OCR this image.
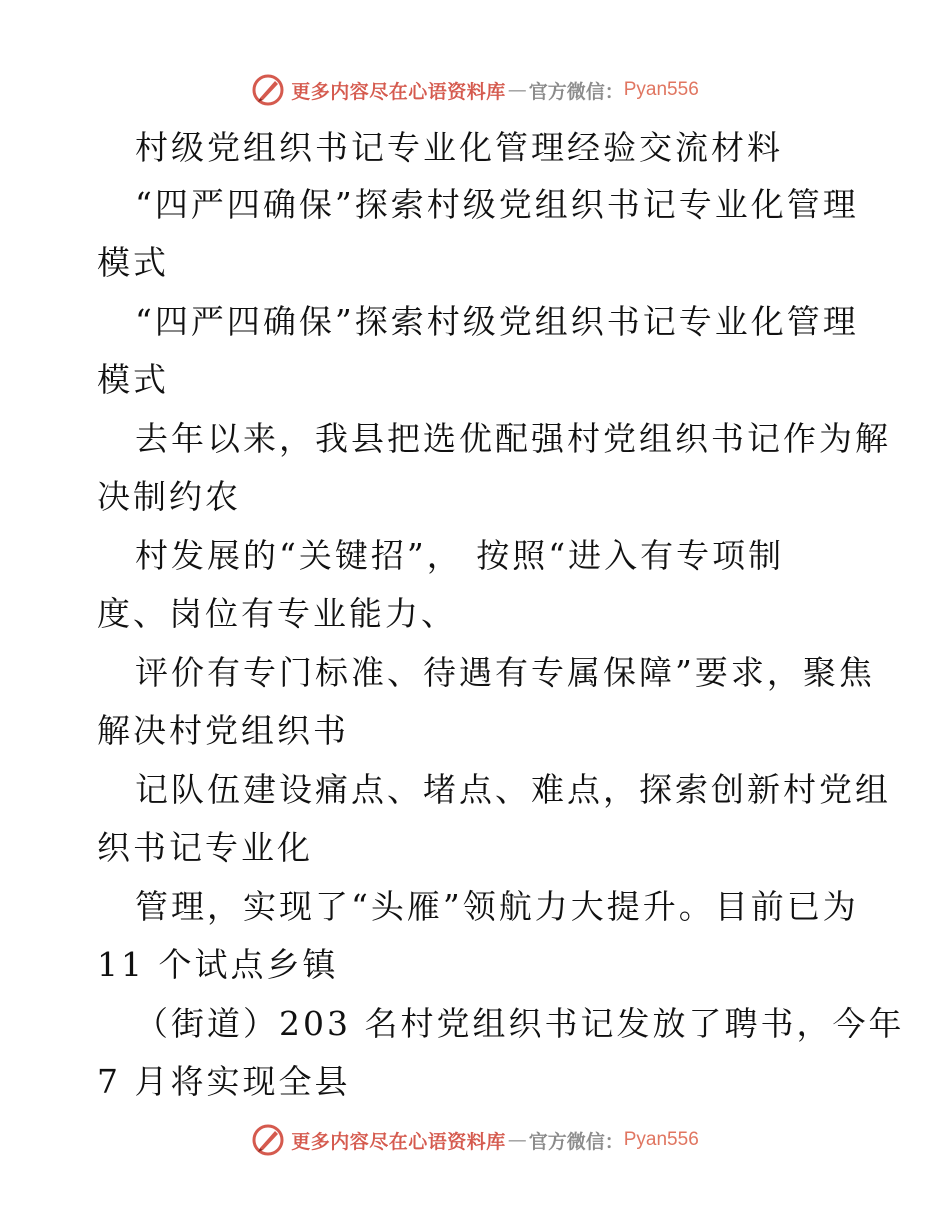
更多内容尽在心语资料库 — 官方微信： Pyan556
村级党组织书记专业化管理经验交流材料
“四严四确保”探索村级党组织书记专业化管理
模式
“四严四确保”探索村级党组织书记专业化管理
模式
去年以来，我县把选优配强村党组织书记作为解
决制约农
村发展的“关键招”， 按照“进入有专项制
度、岗位有专业能力、
评价有专门标准、待遇有专属保障”要求，聚焦
解决村党组织书
记队伍建设痛点、堵点、难点，探索创新村党组
织书记专业化
管理，实现了“头雁”领航力大提升。目前已为
11 个试点乡镇
（街道）203 名村党组织书记发放了聘书，今年
7 月将实现全县
更多内容尽在心语资料库 — 官方微信： Pyan556
